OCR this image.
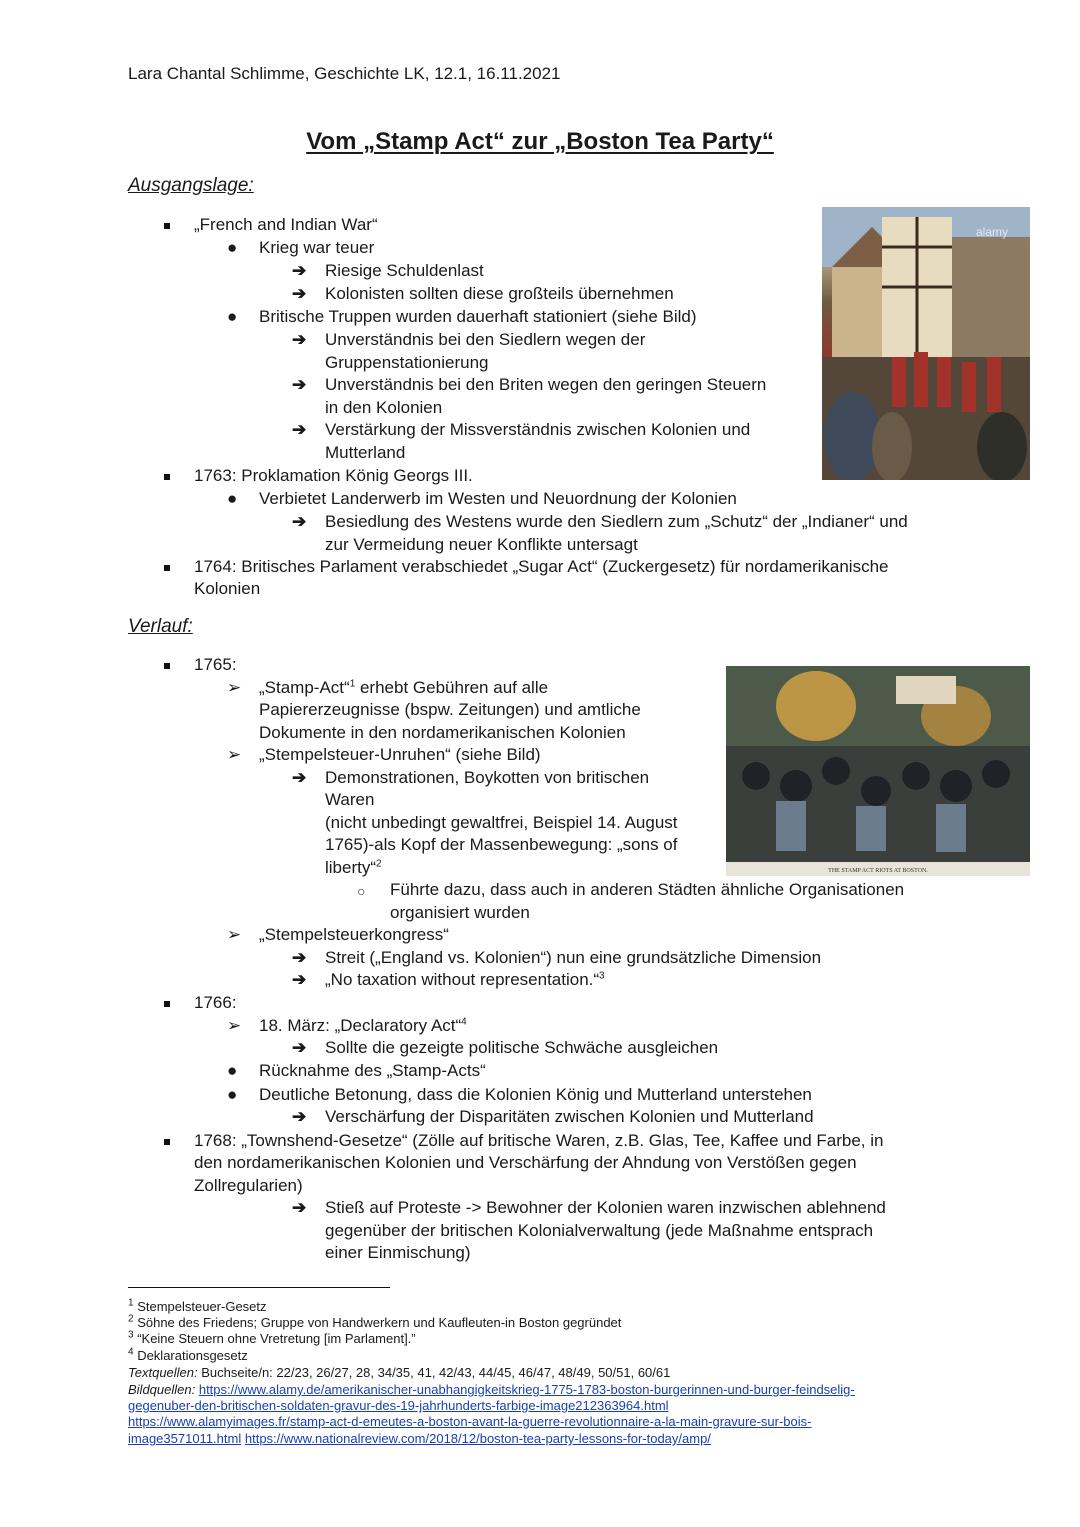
Lara Chantal Schlimme, Geschichte LK, 12.1, 16.11.2021
Vom „Stamp Act“ zur „Boston Tea Party“
Ausgangslage:
alamy
„French and Indian War“
● Krieg war teuer
➔ Riesige Schuldenlast
➔ Kolonisten sollten diese großteils übernehmen
● Britische Truppen wurden dauerhaft stationiert (siehe Bild)
➔ Unverständnis bei den Siedlern wegen der
Gruppenstationierung
➔ Unverständnis bei den Briten wegen den geringen Steuern
in den Kolonien
➔ Verstärkung der Missverständnis zwischen Kolonien und
Mutterland
1763: Proklamation König Georgs III.
● Verbietet Landerwerb im Westen und Neuordnung der Kolonien
➔ Besiedlung des Westens wurde den Siedlern zum „Schutz“ der „Indianer“ und
zur Vermeidung neuer Konflikte untersagt
1764: Britisches Parlament verabschiedet „Sugar Act“ (Zuckergesetz) für nordamerikanische
Kolonien
Verlauf:
THE STAMP ACT RIOTS AT BOSTON.
1765:
➢ „Stamp-Act“$^1$ erhebt Gebühren auf alle
Papiererzeugnisse (bspw. Zeitungen) und amtliche
Dokumente in den nordamerikanischen Kolonien
➢ „Stempelsteuer-Unruhen“ (siehe Bild)
➔ Demonstrationen, Boykotten von britischen
Waren
(nicht unbedingt gewaltfrei, Beispiel 14. August
1765)-als Kopf der Massenbewegung: „sons of
liberty“$^2$
○ Führte dazu, dass auch in anderen Städten ähnliche Organisationen
organisiert wurden
➢ „Stempelsteuerkongress“
➔ Streit („England vs. Kolonien“) nun eine grundsätzliche Dimension
➔ „No taxation without representation.“$^3$
1766:
➢ 18. März: „Declaratory Act“$^4$
➔ Sollte die gezeigte politische Schwäche ausgleichen
● Rücknahme des „Stamp-Acts“
● Deutliche Betonung, dass die Kolonien König und Mutterland unterstehen
➔ Verschärfung der Disparitäten zwischen Kolonien und Mutterland
1768: „Townshend-Gesetze“ (Zölle auf britische Waren, z.B. Glas, Tee, Kaffee und Farbe, in
den nordamerikanischen Kolonien und Verschärfung der Ahndung von Verstößen gegen
Zollregularien)
➔ Stieß auf Proteste -> Bewohner der Kolonien waren inzwischen ablehnend
gegenüber der britischen Kolonialverwaltung (jede Maßnahme entsprach
einer Einmischung)
$^1$ Stempelsteuer-Gesetz
$^2$ Söhne des Friedens; Gruppe von Handwerkern und Kaufleuten-in Boston gegründet
$^3$ “Keine Steuern ohne Vretretung [im Parlament].”
$^4$ Deklarationsgesetz
Textquellen: Buchseite/n: 22/23, 26/27, 28, 34/35, 41, 42/43, 44/45, 46/47, 48/49, 50/51, 60/61
Bildquellen: https://www.alamy.de/amerikanischer-unabhangigkeitskrieg-1775-1783-boston-burgerinnen-und-burger-feindselig-
gegenuber-den-britischen-soldaten-gravur-des-19-jahrhunderts-farbige-image212363964.html
https://www.alamyimages.fr/stamp-act-d-emeutes-a-boston-avant-la-guerre-revolutionnaire-a-la-main-gravure-sur-bois-
image3571011.html https://www.nationalreview.com/2018/12/boston-tea-party-lessons-for-today/amp/
